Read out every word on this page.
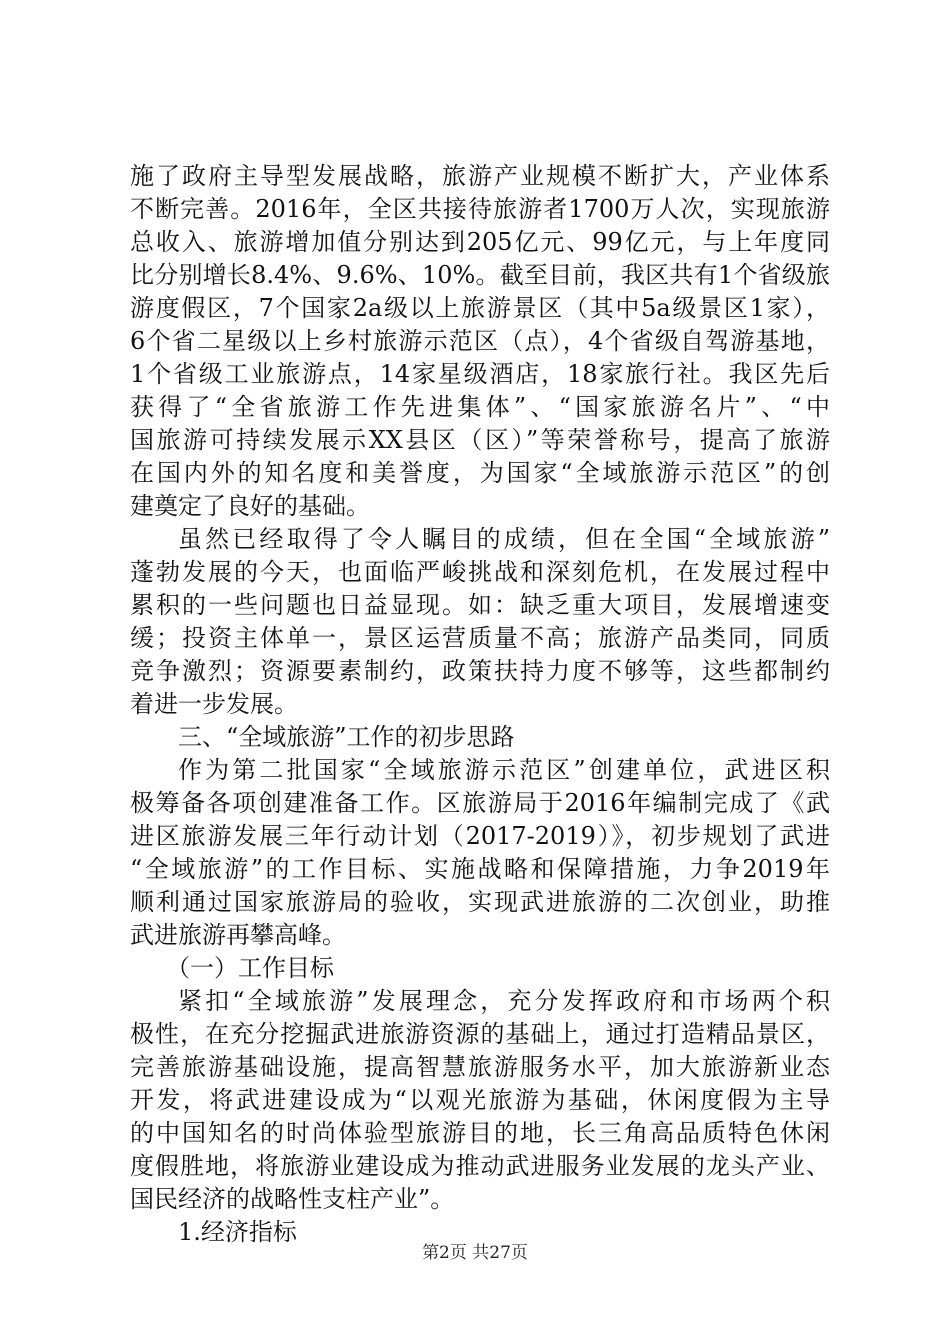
施了政府主导型发展战略，旅游产业规模不断扩大，产业体系
不断完善。2016年，全区共接待旅游者1700万人次，实现旅游
总收入、旅游增加值分别达到205亿元、99亿元，与上年度同
比分别增长8.4%、9.6%、10%。截至目前，我区共有1个省级旅
游度假区，7个国家2a级以上旅游景区（其中5a级景区1家），
6个省二星级以上乡村旅游示范区（点），4个省级自驾游基地，
1个省级工业旅游点，14家星级酒店，18家旅行社。我区先后
获得了“全省旅游工作先进集体”、“国家旅游名片”、“中
国旅游可持续发展示XX县区（区）”等荣誉称号，提高了旅游
在国内外的知名度和美誉度，为国家“全域旅游示范区”的创
建奠定了良好的基础。
虽然已经取得了令人瞩目的成绩，但在全国“全域旅游”
蓬勃发展的今天，也面临严峻挑战和深刻危机，在发展过程中
累积的一些问题也日益显现。如：缺乏重大项目，发展增速变
缓；投资主体单一，景区运营质量不高；旅游产品类同，同质
竞争激烈；资源要素制约，政策扶持力度不够等，这些都制约
着进一步发展。
三、“全域旅游”工作的初步思路
作为第二批国家“全域旅游示范区”创建单位，武进区积
极筹备各项创建准备工作。区旅游局于2016年编制完成了《武
进区旅游发展三年行动计划（2017-2019）》，初步规划了武进
“全域旅游”的工作目标、实施战略和保障措施，力争2019年
顺利通过国家旅游局的验收，实现武进旅游的二次创业，助推
武进旅游再攀高峰。
（一）工作目标
紧扣“全域旅游”发展理念，充分发挥政府和市场两个积
极性，在充分挖掘武进旅游资源的基础上，通过打造精品景区，
完善旅游基础设施，提高智慧旅游服务水平，加大旅游新业态
开发，将武进建设成为“以观光旅游为基础，休闲度假为主导
的中国知名的时尚体验型旅游目的地，长三角高品质特色休闲
度假胜地，将旅游业建设成为推动武进服务业发展的龙头产业、
国民经济的战略性支柱产业”。
1.经济指标
第2页 共27页
